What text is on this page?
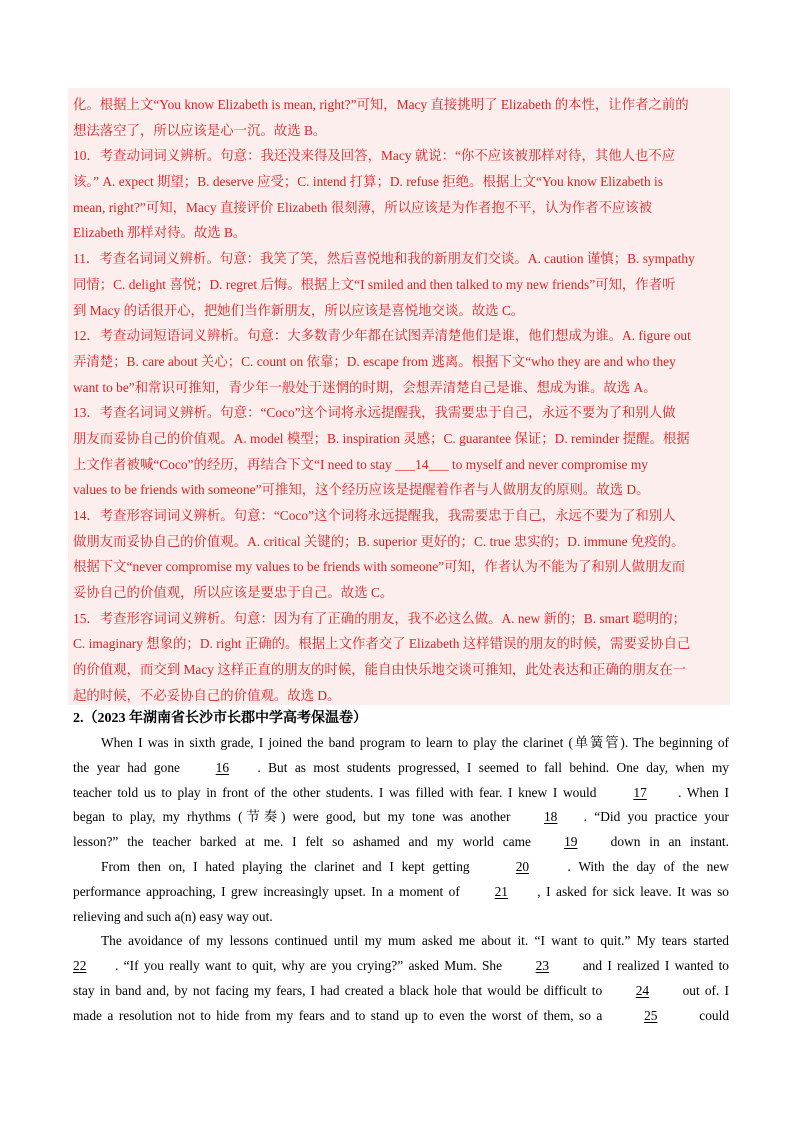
化。根据上文“You know Elizabeth is mean, right?”可知，Macy 直接挑明了 Elizabeth 的本性，让作者之前的
想法落空了，所以应该是心一沉。故选 B。
10．考查动词词义辨析。句意：我还没来得及回答，Macy 就说：“你不应该被那样对待，其他人也不应
该。” A. expect 期望；B. deserve 应受；C. intend 打算；D. refuse 拒绝。根据上文“You know Elizabeth is
mean, right?”可知，Macy 直接评价 Elizabeth 很刻薄，所以应该是为作者抱不平，认为作者不应该被
Elizabeth 那样对待。故选 B。
11．考查名词词义辨析。句意：我笑了笑，然后喜悦地和我的新朋友们交谈。A. caution 谨慎；B. sympathy
同情；C. delight 喜悦；D. regret 后悔。根据上文“I smiled and then talked to my new friends”可知，作者听
到 Macy 的话很开心，把她们当作新朋友，所以应该是喜悦地交谈。故选 C。
12．考查动词短语词义辨析。句意：大多数青少年都在试图弄清楚他们是谁，他们想成为谁。A. figure out
弄清楚；B. care about 关心；C. count on 依靠；D. escape from 逃离。根据下文“who they are and who they
want to be”和常识可推知，青少年一般处于迷惘的时期，会想弄清楚自己是谁、想成为谁。故选 A。
13．考查名词词义辨析。句意：“Coco”这个词将永远提醒我，我需要忠于自己，永远不要为了和别人做
朋友而妥协自己的价值观。A. model 模型；B. inspiration 灵感；C. guarantee 保证；D. reminder 提醒。根据
上文作者被喊“Coco”的经历，再结合下文“I need to stay ___14___ to myself and never compromise my
values to be friends with someone”可推知，这个经历应该是提醒着作者与人做朋友的原则。故选 D。
14．考查形容词词义辨析。句意：“Coco”这个词将永远提醒我，我需要忠于自己，永远不要为了和别人
做朋友而妥协自己的价值观。A. critical 关键的；B. superior 更好的；C. true 忠实的；D. immune 免疫的。
根据下文“never compromise my values to be friends with someone”可知，作者认为不能为了和别人做朋友而
妥协自己的价值观，所以应该是要忠于自己。故选 C。
15．考查形容词词义辨析。句意：因为有了正确的朋友，我不必这么做。A. new 新的；B. smart 聪明的；
C. imaginary 想象的；D. right 正确的。根据上文作者交了 Elizabeth 这样错误的朋友的时候，需要妥协自己
的价值观，而交到 Macy 这样正直的朋友的时候，能自由快乐地交谈可推知，此处表达和正确的朋友在一
起的时候，不必妥协自己的价值观。故选 D。
2.（2023 年湖南省长沙市长郡中学高考保温卷）
When I was in sixth grade, I joined the band program to learn to play the clarinet (单簧管). The beginning of
the year had gone	16 . But as most students progressed, I seemed to fall behind. One day, when my
teacher told us to play in front of the other students. I was filled with fear. I knew I would	17 . When I
began to play, my rhythms (节奏) were good, but my tone was another	18 . “Did you practice your
lesson?” the teacher barked at me. I felt so ashamed and my world came 19 down in an instant.
From then on, I hated playing the clarinet and I kept getting	20	. With the day of the new
performance approaching, I grew increasingly upset. In a moment of	21 , I asked for sick leave. It was so
relieving and such a(n) easy way out.
The avoidance of my lessons continued until my mum asked me about it. “I want to quit.” My tears started
22 . “If you really want to quit, why are you crying?” asked Mum. She	23	and I realized I wanted to
stay in band and, by not facing my fears, I had created a black hole that would be difficult to 24 out of. I
made a resolution not to hide from my fears and to stand up to even the worst of them, so a	25	could
